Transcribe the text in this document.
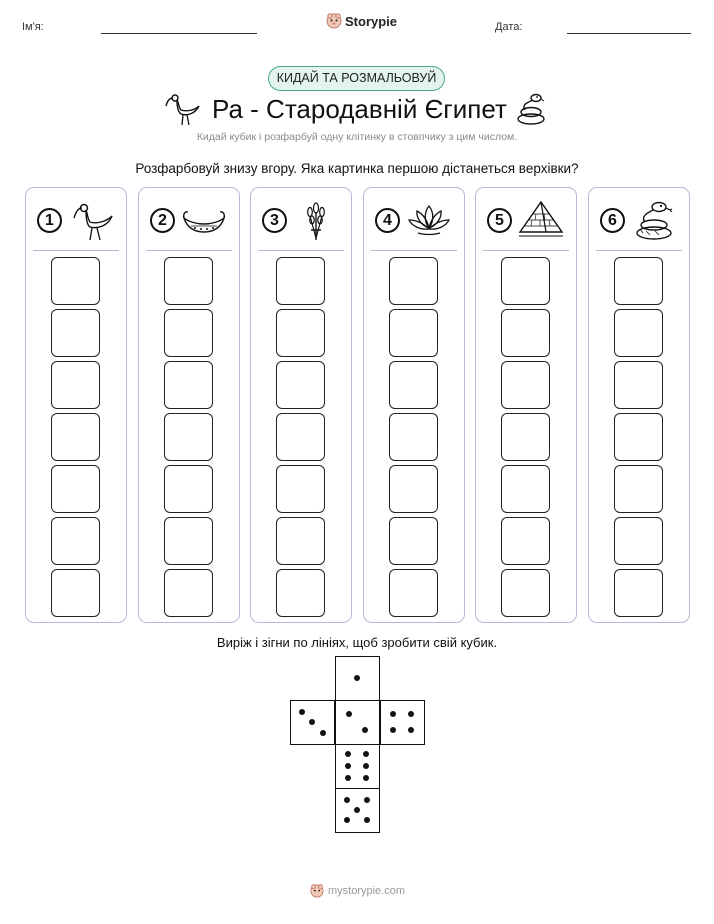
Ім'я:	Storypie	Дата:
КИДАЙ ТА РОЗМАЛЬОВУЙ
Ра - Стародавній Єгипет
Кидай кубик і розфарбуй одну клітинку в стовпчику з цим числом.
Розфарбовуй знизу вгору. Яка картинка першою дістанеться верхівки?
1	2	3	4	5	6
Виріж і зігни по лініях, щоб зробити свій кубик.
mystorypie.com
